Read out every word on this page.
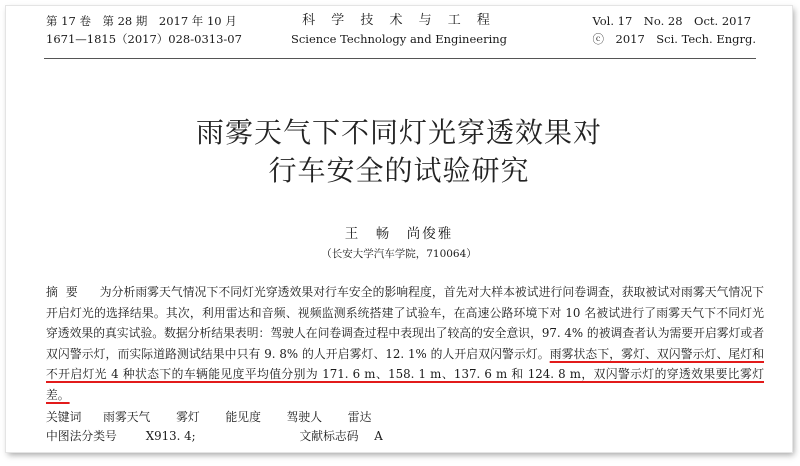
第 17 卷　第 28 期　2017 年 10 月
1671—1815（2017）028-0313-07
科 学 技 术 与 工 程
Science Technology and Engineering
Vol. 17　No. 28　Oct. 2017
ⓒ　2017　Sci. Tech. Engrg.
雨雾天气下不同灯光穿透效果对
行车安全的试验研究
王　畅　尚俊雅
（长安大学汽车学院，710064）
摘要 为分析雨雾天气情况下不同灯光穿透效果对行车安全的影响程度，首先对大样本被试进行问卷调查，获取被试对雨雾天气情况下开启灯光的选择结果。其次，利用雷达和音频、视频监测系统搭建了试验车，在高速公路环境下对 10 名被试进行了雨雾天气下不同灯光穿透效果的真实试验。数据分析结果表明：驾驶人在问卷调查过程中表现出了较高的安全意识，97. 4% 的被调查者认为需要开启雾灯或者双闪警示灯，而实际道路测试结果中只有 9. 8% 的人开启雾灯、12. 1% 的人开启双闪警示灯。雨雾状态下，雾灯、双闪警示灯、尾灯和不开启灯光 4 种状态下的车辆能见度平均值分别为 171. 6 m、158. 1 m、137. 6 m 和 124. 8 m，双闪警示灯的穿透效果要比雾灯差。
关键词 雨雾天气 雾灯 能见度 驾驶人 雷达
中图法分类号 X913. 4;	文献标志码 A
